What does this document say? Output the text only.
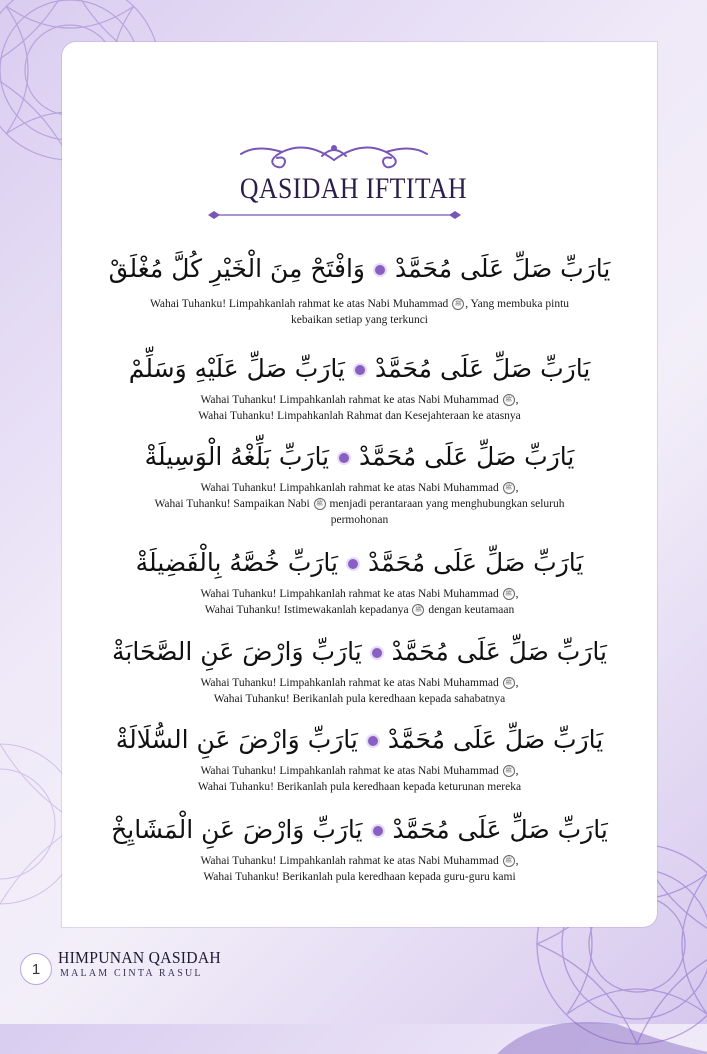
QASIDAH IFTITAH
يَارَبِّ صَلِّ عَلَى مُحَمَّدْوَافْتَحْ مِنَ الْخَيْرِ كُلَّ مُغْلَقْ
Wahai Tuhanku! Limpahkanlah rahmat ke atas Nabi Muhammad ﷺ , Yang membuka pintu
kebaikan setiap yang terkunci
يَارَبِّ صَلِّ عَلَى مُحَمَّدْيَارَبِّ صَلِّ عَلَيْهِ وَسَلِّمْ
Wahai Tuhanku! Limpahkanlah rahmat ke atas Nabi Muhammad ﷺ ,
Wahai Tuhanku! Limpahkanlah Rahmat dan Kesejahteraan ke atasnya
يَارَبِّ صَلِّ عَلَى مُحَمَّدْيَارَبِّ بَلِّغْهُ الْوَسِيلَةْ
Wahai Tuhanku! Limpahkanlah rahmat ke atas Nabi Muhammad ﷺ ,
Wahai Tuhanku! Sampaikan Nabi ﷺ menjadi perantaraan yang menghubungkan seluruh
permohonan
يَارَبِّ صَلِّ عَلَى مُحَمَّدْيَارَبِّ خُصَّهُ بِالْفَضِيلَةْ
Wahai Tuhanku! Limpahkanlah rahmat ke atas Nabi Muhammad ﷺ ,
Wahai Tuhanku! Istimewakanlah kepadanya ﷺ dengan keutamaan
يَارَبِّ صَلِّ عَلَى مُحَمَّدْيَارَبِّ وَارْضَ عَنِ الصَّحَابَةْ
Wahai Tuhanku! Limpahkanlah rahmat ke atas Nabi Muhammad ﷺ ,
Wahai Tuhanku! Berikanlah pula keredhaan kepada sahabatnya
يَارَبِّ صَلِّ عَلَى مُحَمَّدْيَارَبِّ وَارْضَ عَنِ السُّلَالَةْ
Wahai Tuhanku! Limpahkanlah rahmat ke atas Nabi Muhammad ﷺ ,
Wahai Tuhanku! Berikanlah pula keredhaan kepada keturunan mereka
يَارَبِّ صَلِّ عَلَى مُحَمَّدْيَارَبِّ وَارْضَ عَنِ الْمَشَايِخْ
Wahai Tuhanku! Limpahkanlah rahmat ke atas Nabi Muhammad ﷺ ,
Wahai Tuhanku! Berikanlah pula keredhaan kepada guru-guru kami
1
HIMPUNAN QASIDAH
MALAM CINTA RASUL
